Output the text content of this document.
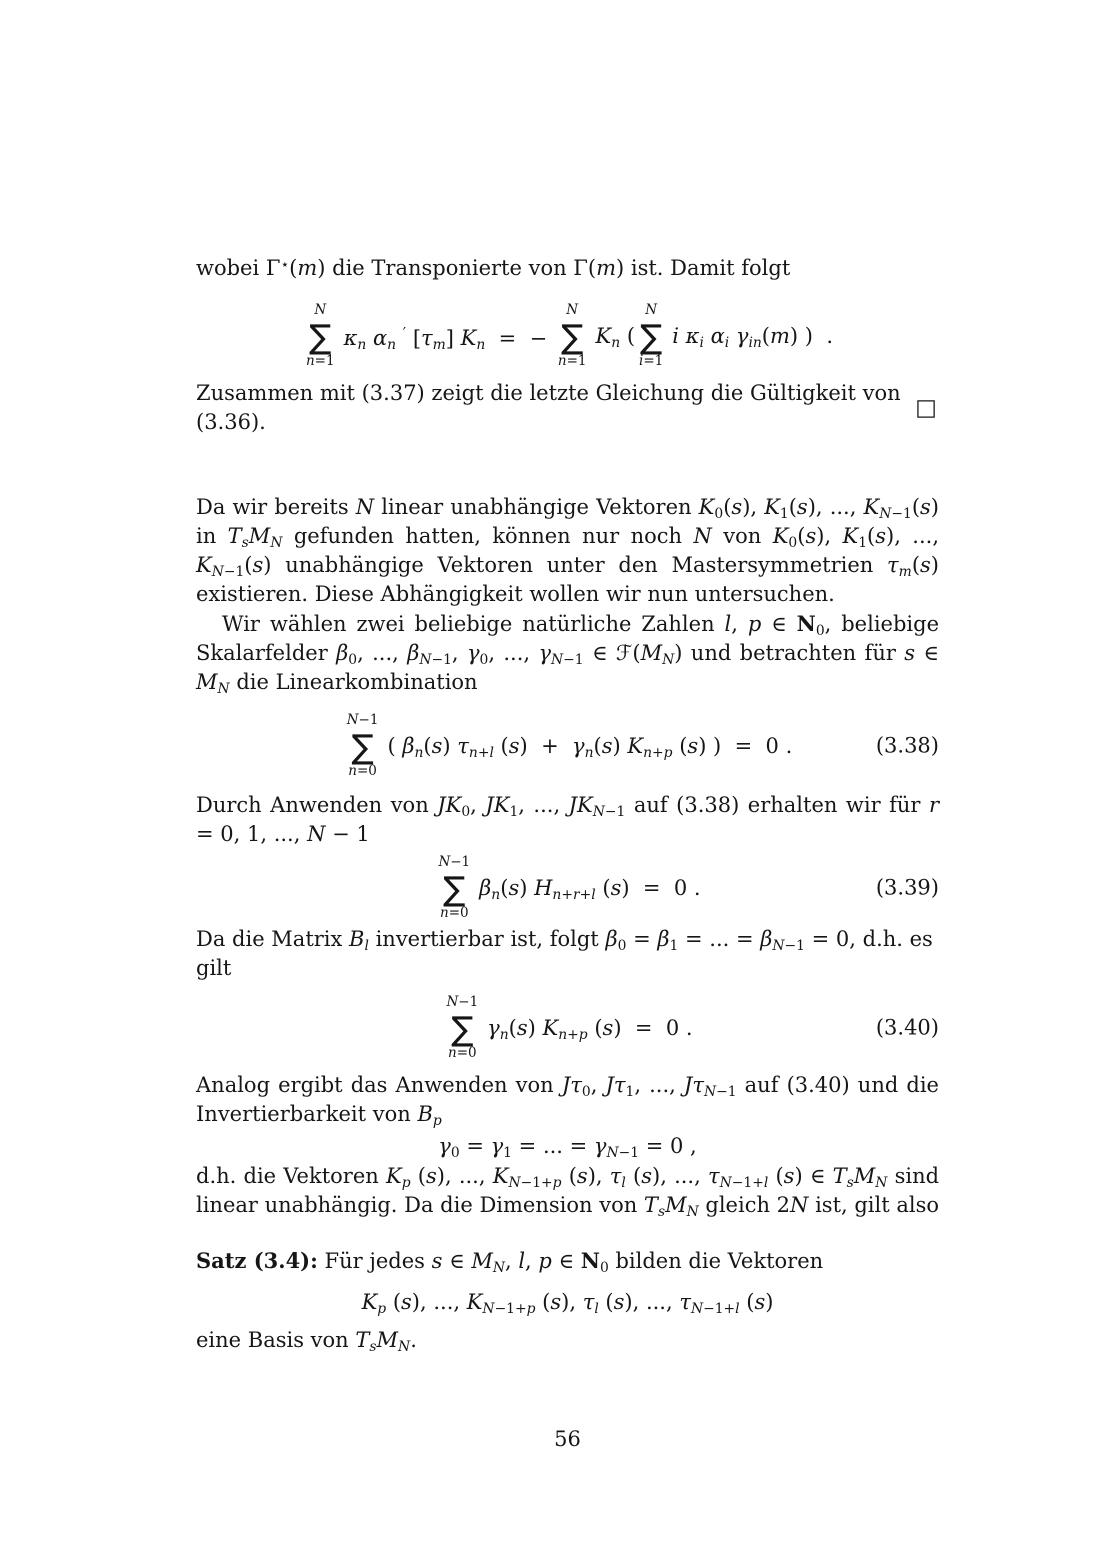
wobei Γ⋆(m) die Transponierte von Γ(m) ist. Damit folgt

N
∑
n=1
$\kappa_n$ $\alpha_n$ ′ $[\tau_m] K_n$  =  −
N
∑
n=1
$K_n$ (
N
∑
i=1
i $\kappa_i$ $\alpha_i$ $\gamma_{in}(m)$ )  .
Zusammen mit (3.37) zeigt die letzte Gleichung die Gültigkeit von (3.36).
□

Da wir bereits N linear unabhängige Vektoren $K_0(s)$, $K_1(s)$, ..., $K_{N-1}(s)$ in $T_sM_N$ gefunden hatten, können nur noch N von $K_0(s)$, $K_1(s)$, ..., $K_{N-1}(s)$ unabhängige Vektoren unter den Mastersymmetrien $\tau_m(s)$ existieren. Diese Abhängigkeit wollen wir nun untersuchen.

Wir wählen zwei beliebige natürliche Zahlen l, p ∈ $N_0$, beliebige Skalarfelder $\beta_0$, ..., $\beta_{N-1}$, $\gamma_0$, ..., $\gamma_{N-1}$ ∈ $ℱ(M_N)$ und betrachten für s ∈ $M_N$ die Linearkombination

N−1
∑
n=0
( $\beta_n(s)$ $\tau_{n+l}$ $(s) + \gamma_n(s)$ $K_{n+p}$ (s) )  =  0 .	(3.38)

Durch Anwenden von $JK_0$, $JK_1$, ..., $JK_{N-1}$ auf (3.38) erhalten wir für r = 0, 1, ..., N − 1

N−1
∑
n=0
$\beta_n(s)$ $H_{n+r+l}$ (s)  =  0 .	(3.39)

Da die Matrix $B_l$ invertierbar ist, folgt $\beta_0 = \beta_1$ = ... = $\beta_{N-1} = 0$, d.h. es gilt

N−1
∑
n=0
$\gamma_n(s)$ $K_{n+p}$ (s)  =  0 .	(3.40)

Analog ergibt das Anwenden von $J\tau_0$, $J\tau_1$, ..., $J\tau_{N-1}$ auf (3.40) und die Invertierbarkeit von $B_p$

$\gamma_0 = \gamma_1$ = ... = $\gamma_{N-1} = 0$ ,

d.h. die Vektoren $K_p$ (s), ..., $K_{N-1+p}$ (s), $\tau_l$ (s), ..., $\tau_{N-1+l}$ (s) ∈ $T_sM_N$ sind linear unabhängig. Da die Dimension von $T_sM_N$ gleich 2N ist, gilt also

Satz (3.4): Für jedes s ∈ $M_N$, l, p ∈ $N_0$ bilden die Vektoren

$K_p$ (s), ..., $K_{N-1+p}$ (s), $\tau_l$ (s), ..., $\tau_{N-1+l}$ (s)

eine Basis von $T_sM_N$.

56
